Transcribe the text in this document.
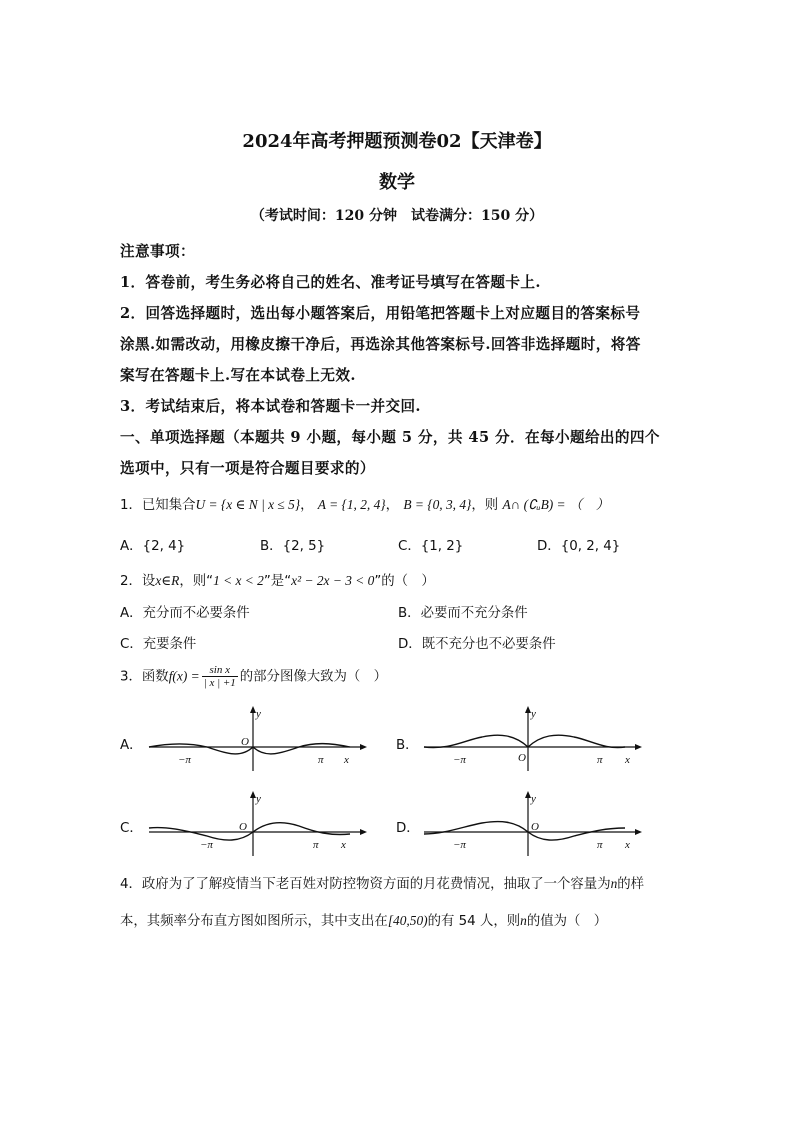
2024年高考押题预测卷02【天津卷】
数学
（考试时间：120 分钟　试卷满分：150 分）
注意事项：
1．答卷前，考生务必将自己的姓名、准考证号填写在答题卡上.
2．回答选择题时，选出每小题答案后，用铅笔把答题卡上对应题目的答案标号
涂黑.如需改动，用橡皮擦干净后，再选涂其他答案标号.回答非选择题时，将答
案写在答题卡上.写在本试卷上无效.
3．考试结束后，将本试卷和答题卡一并交回.
一、单项选择题（本题共 9 小题，每小题 5 分，共 45 分．在每小题给出的四个
选项中，只有一项是符合题目要求的）
1．已知集合U = {x ∈ N | x ≤ 5}， A = {1, 2, 4}， B = {0, 3, 4}，则 A∩ (∁ᵤB) = （　）
A．{2, 4}	B．{2, 5}	C．{1, 2}	D．{0, 2, 4}
2．设x∈R，则“1 < x < 2”是“x² − 2x − 3 < 0”的（　）
A．充分而不必要条件	B．必要而不充分条件
C．充要条件	D．既不充分也不必要条件
3．函数$f(x) = \frac{\text{sin x}}{| x | +1}$ 的部分图像大致为（　）
A．	B．
C．	D．
y
O
−π	π x
y
O
−π	π x
y
O
−π	π x
y
O
−π	π x
4．政府为了了解疫情当下老百姓对防控物资方面的月花费情况，抽取了一个容量为n的样
本，其频率分布直方图如图所示，其中支出在[40,50)的有 54 人，则n的值为（　）
